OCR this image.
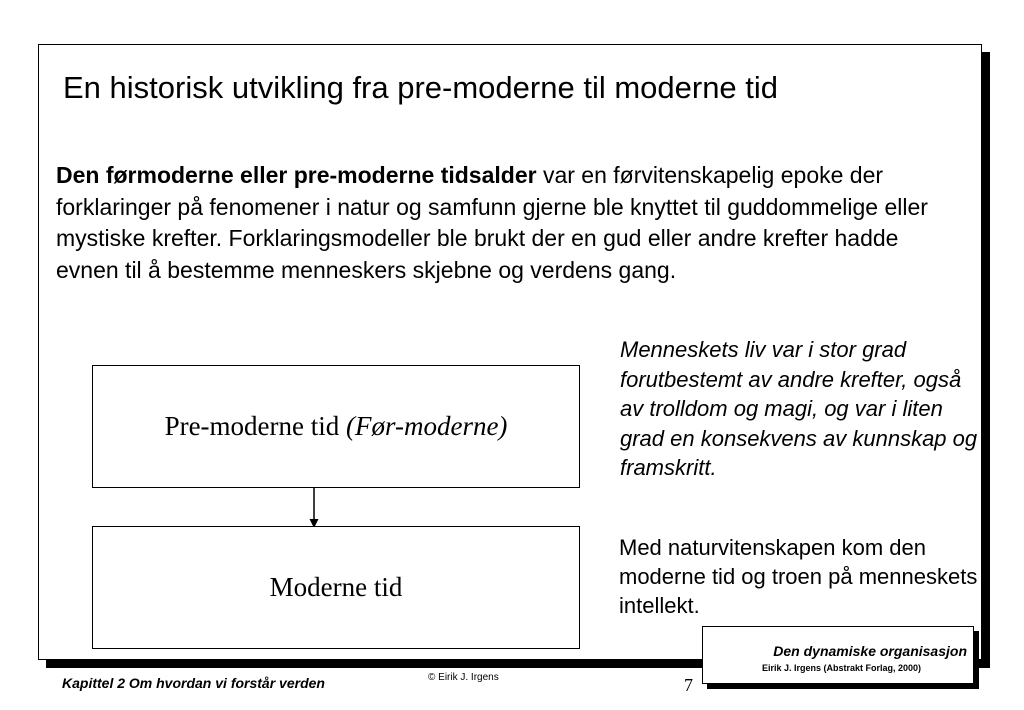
En historisk utvikling fra pre-moderne til moderne tid

Den førmoderne eller pre-moderne tidsalder var en førvitenskapelig epoke der forklaringer på fenomener i natur og samfunn gjerne ble knyttet til guddommelige eller mystiske krefter. Forklaringsmodeller ble brukt der en gud eller andre krefter hadde evnen til å bestemme menneskers skjebne og verdens gang.

Pre-moderne tid (Før-moderne)
Moderne tid

Menneskets liv var i stor grad forutbestemt av andre krefter, også av trolldom og magi, og var i liten grad en konsekvens av kunnskap og framskritt.

Med naturvitenskapen kom den moderne tid og troen på menneskets intellekt.

Den dynamiske organisasjon
Eirik J. Irgens (Abstrakt Forlag, 2000)
Kapittel 2 Om hvordan vi forstår verden	© Eirik J. Irgens	7
